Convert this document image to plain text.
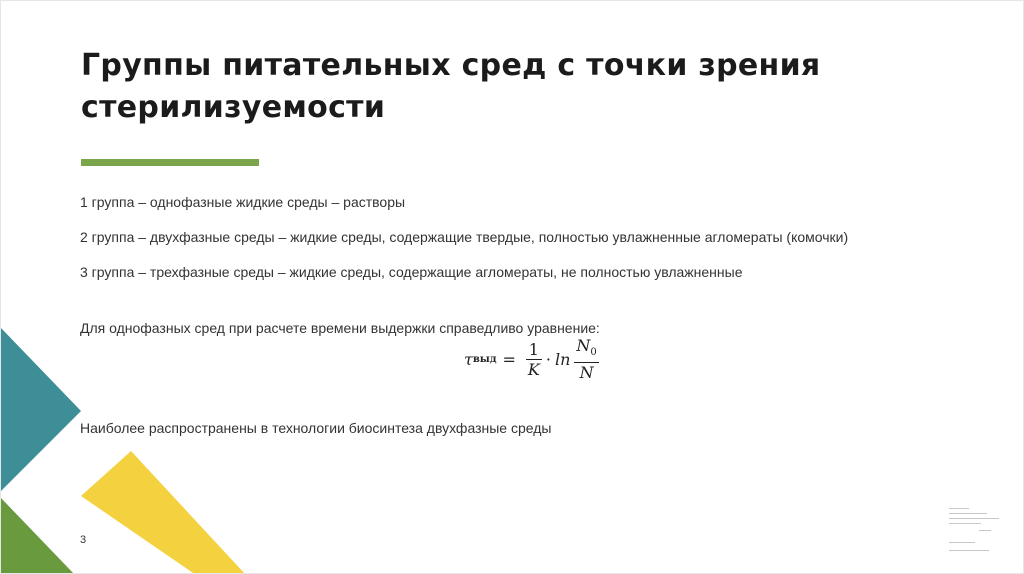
Группы питательных сред с точки зрения стерилизуемости

1 группа – однофазные жидкие среды – растворы

2 группа – двухфазные среды – жидкие среды, содержащие твердые, полностью увлажненные агломераты (комочки)

3 группа – трехфазные среды – жидкие среды, содержащие агломераты, не полностью увлажненные

Для однофазных сред при расчете времени выдержки справедливо уравнение:
τ выд = $\frac{1}{K} \cdot \ln \frac{N_0}{N}$
Наиболее распространены в технологии биосинтеза двухфазные среды
3
